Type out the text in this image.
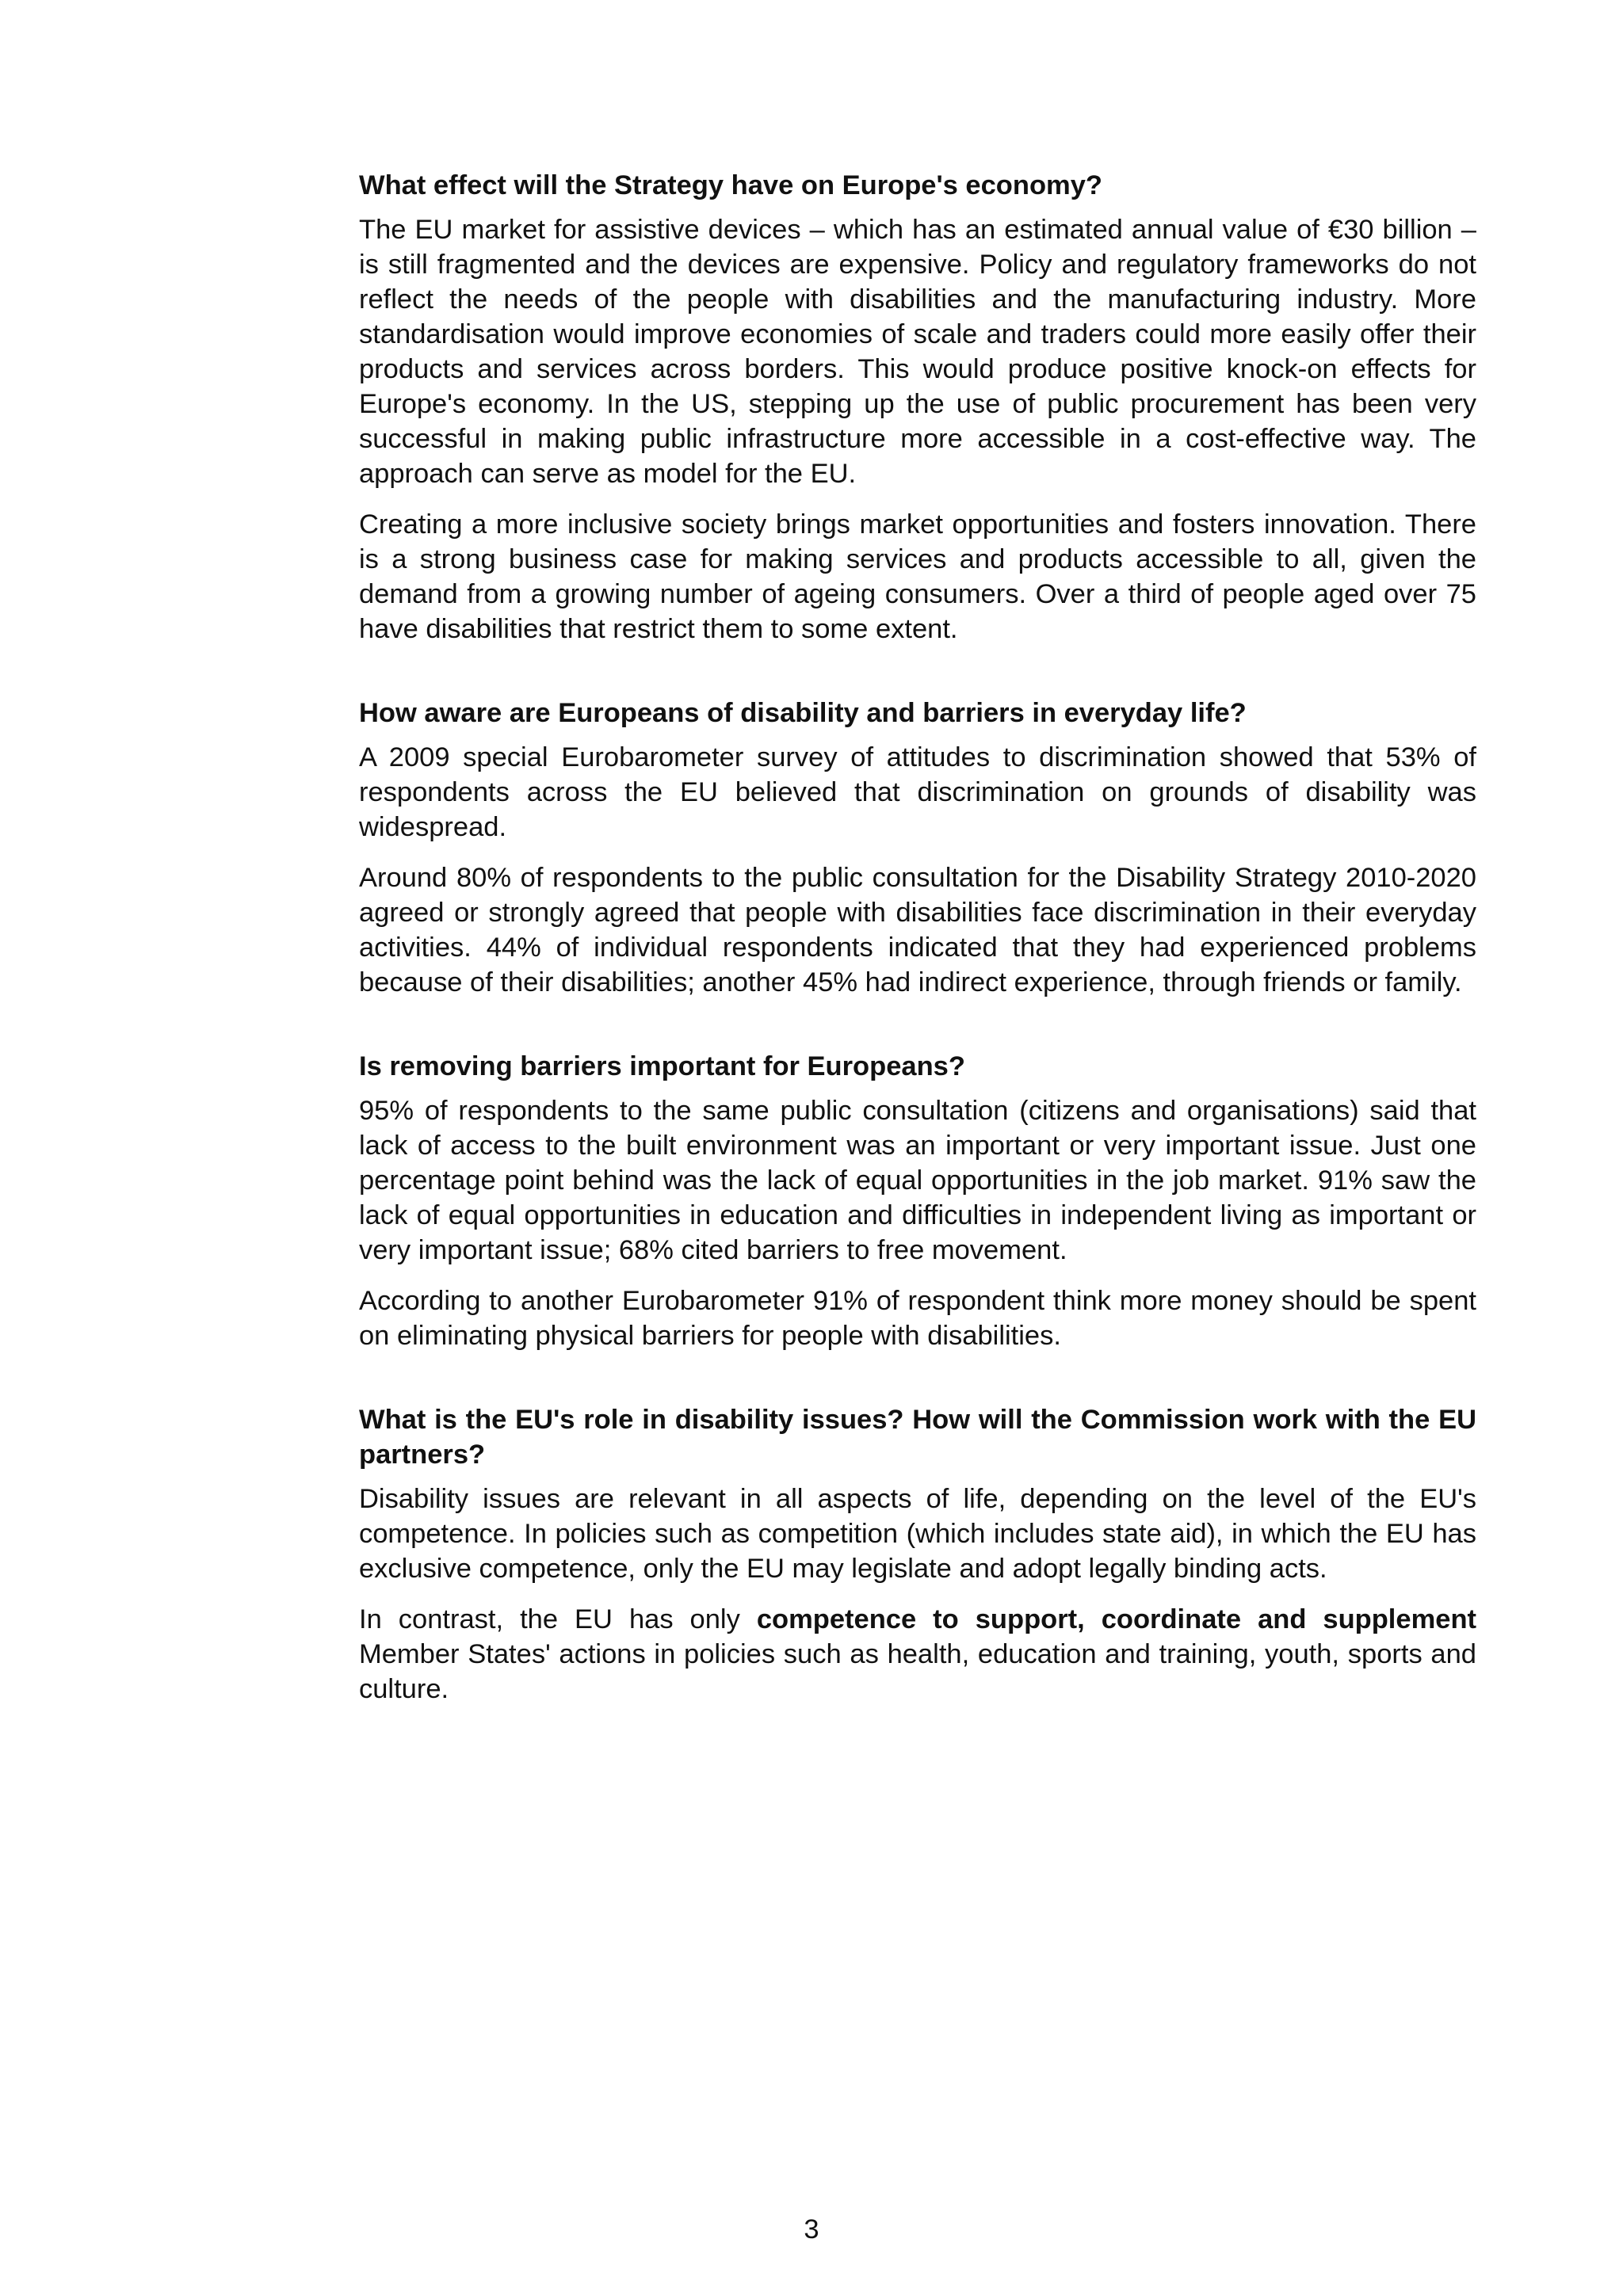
What effect will the Strategy have on Europe's economy?

The EU market for assistive devices – which has an estimated annual value of €30 billion – is still fragmented and the devices are expensive. Policy and regulatory frameworks do not reflect the needs of the people with disabilities and the manufacturing industry. More standardisation would improve economies of scale and traders could more easily offer their products and services across borders. This would produce positive knock-on effects for Europe's economy. In the US, stepping up the use of public procurement has been very successful in making public infrastructure more accessible in a cost-effective way. The approach can serve as model for the EU.

Creating a more inclusive society brings market opportunities and fosters innovation. There is a strong business case for making services and products accessible to all, given the demand from a growing number of ageing consumers. Over a third of people aged over 75 have disabilities that restrict them to some extent.

How aware are Europeans of disability and barriers in everyday life?

A 2009 special Eurobarometer survey of attitudes to discrimination showed that 53% of respondents across the EU believed that discrimination on grounds of disability was widespread.

Around 80% of respondents to the public consultation for the Disability Strategy 2010-2020 agreed or strongly agreed that people with disabilities face discrimination in their everyday activities. 44% of individual respondents indicated that they had experienced problems because of their disabilities; another 45% had indirect experience, through friends or family.

Is removing barriers important for Europeans?

95% of respondents to the same public consultation (citizens and organisations) said that lack of access to the built environment was an important or very important issue. Just one percentage point behind was the lack of equal opportunities in the job market. 91% saw the lack of equal opportunities in education and difficulties in independent living as important or very important issue; 68% cited barriers to free movement.

According to another Eurobarometer 91% of respondent think more money should be spent on eliminating physical barriers for people with disabilities.

What is the EU's role in disability issues? How will the Commission work with the EU partners?

Disability issues are relevant in all aspects of life, depending on the level of the EU's competence. In policies such as competition (which includes state aid), in which the EU has exclusive competence, only the EU may legislate and adopt legally binding acts.

In contrast, the EU has only competence to support, coordinate and supplement Member States' actions in policies such as health, education and training, youth, sports and culture.

3
